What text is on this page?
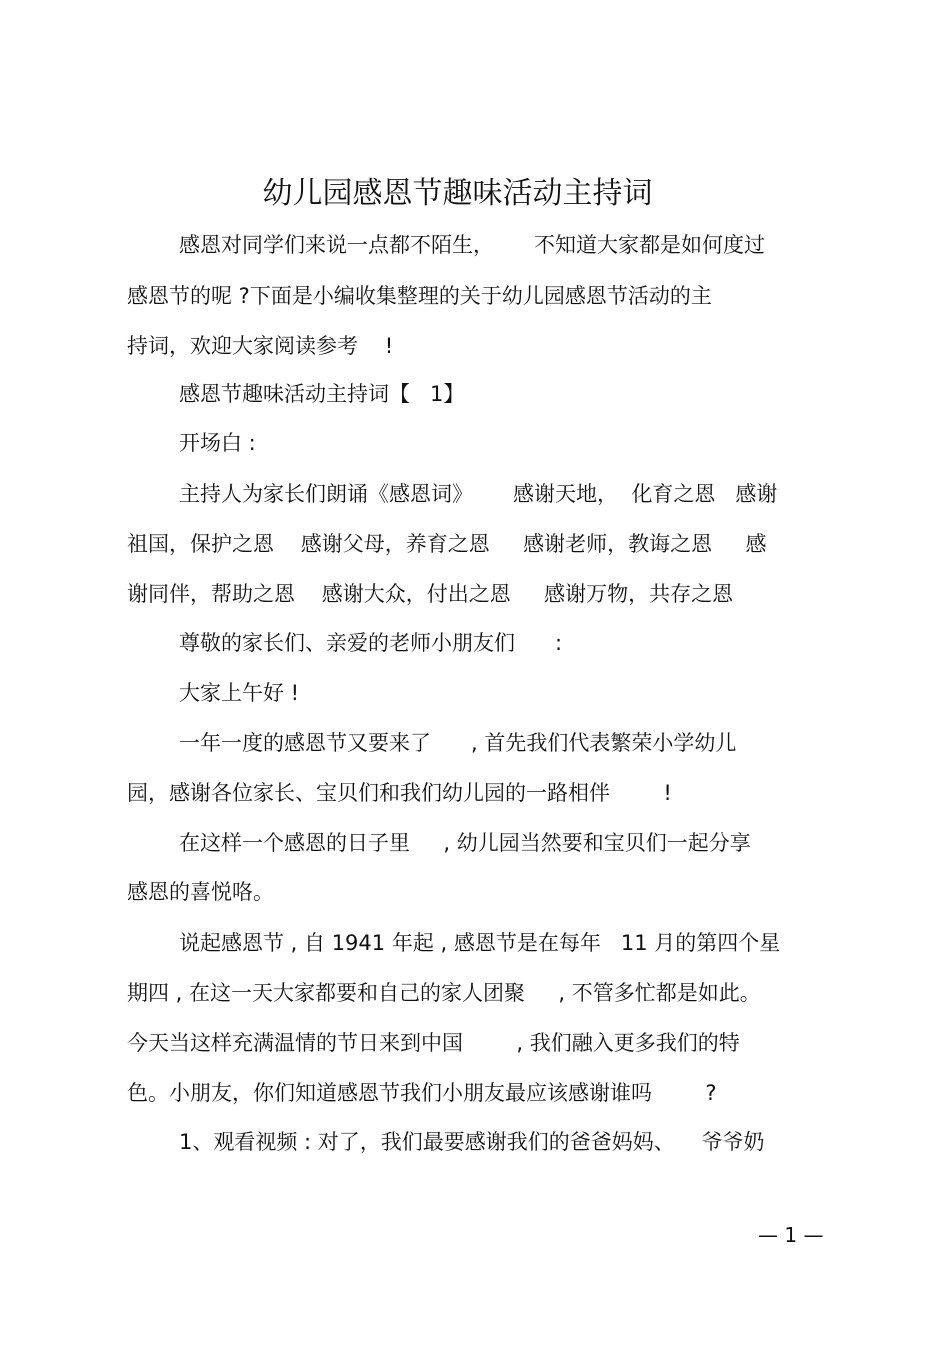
幼儿园感恩节趣味活动主持词
感恩对同学们来说一点都不陌生，      不知道大家都是如何度过
感恩节的呢 ?下面是小编收集整理的关于幼儿园感恩节活动的主
持词，欢迎大家阅读参考    !
感恩节趣味活动主持词【   1】
开场白 :
主持人为家长们朗诵《感恩词》      感谢天地，  化育之恩   感谢
祖国，保护之恩    感谢父母，养育之恩     感谢老师，教诲之恩     感
谢同伴，帮助之恩    感谢大众，付出之恩     感谢万物，共存之恩
尊敬的家长们、亲爱的老师小朋友们      :
大家上午好 !
一年一度的感恩节又要来了      , 首先我们代表繁荣小学幼儿
园，感谢各位家长、宝贝们和我们幼儿园的一路相伴        !
在这样一个感恩的日子里     , 幼儿园当然要和宝贝们一起分享
感恩的喜悦咯。
说起感恩节 , 自 1941 年起 , 感恩节是在每年   11 月的第四个星
期四 , 在这一天大家都要和自己的家人团聚     , 不管多忙都是如此。
今天当这样充满温情的节日来到中国        , 我们融入更多我们的特
色。小朋友，你们知道感恩节我们小朋友最应该感谢谁吗        ?
1、观看视频 : 对了，我们最要感谢我们的爸爸妈妈、    爷爷奶
— 1 —
